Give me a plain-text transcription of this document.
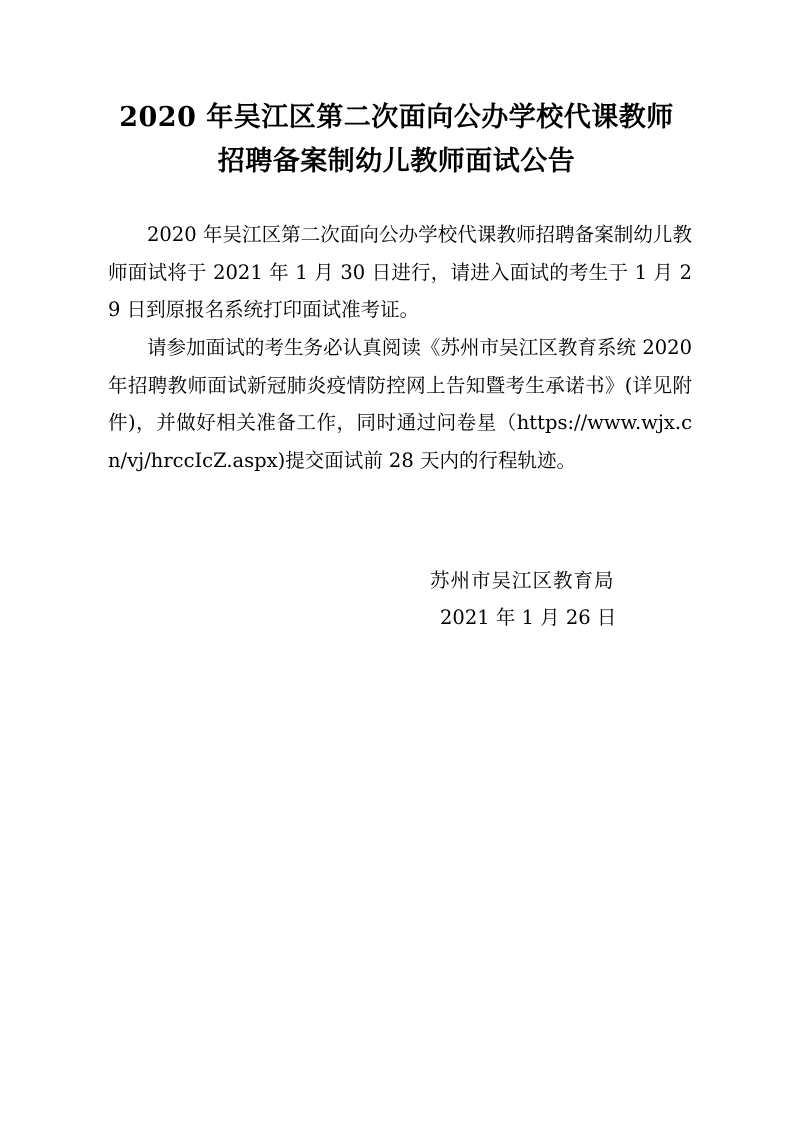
2020 年吴江区第二次面向公办学校代课教师
招聘备案制幼儿教师面试公告

2020 年吴江区第二次面向公办学校代课教师招聘备案制幼儿教师面试将于 2021 年 1 月 30 日进行，请进入面试的考生于 1 月 29 日到原报名系统打印面试准考证。

请参加面试的考生务必认真阅读《苏州市吴江区教育系统 2020 年招聘教师面试新冠肺炎疫情防控网上告知暨考生承诺书》(详见附件)，并做好相关准备工作，同时通过问卷星（https://www.wjx.cn/vj/hrccIcZ.aspx)提交面试前 28 天内的行程轨迹。

苏州市吴江区教育局
2021 年 1 月 26 日
